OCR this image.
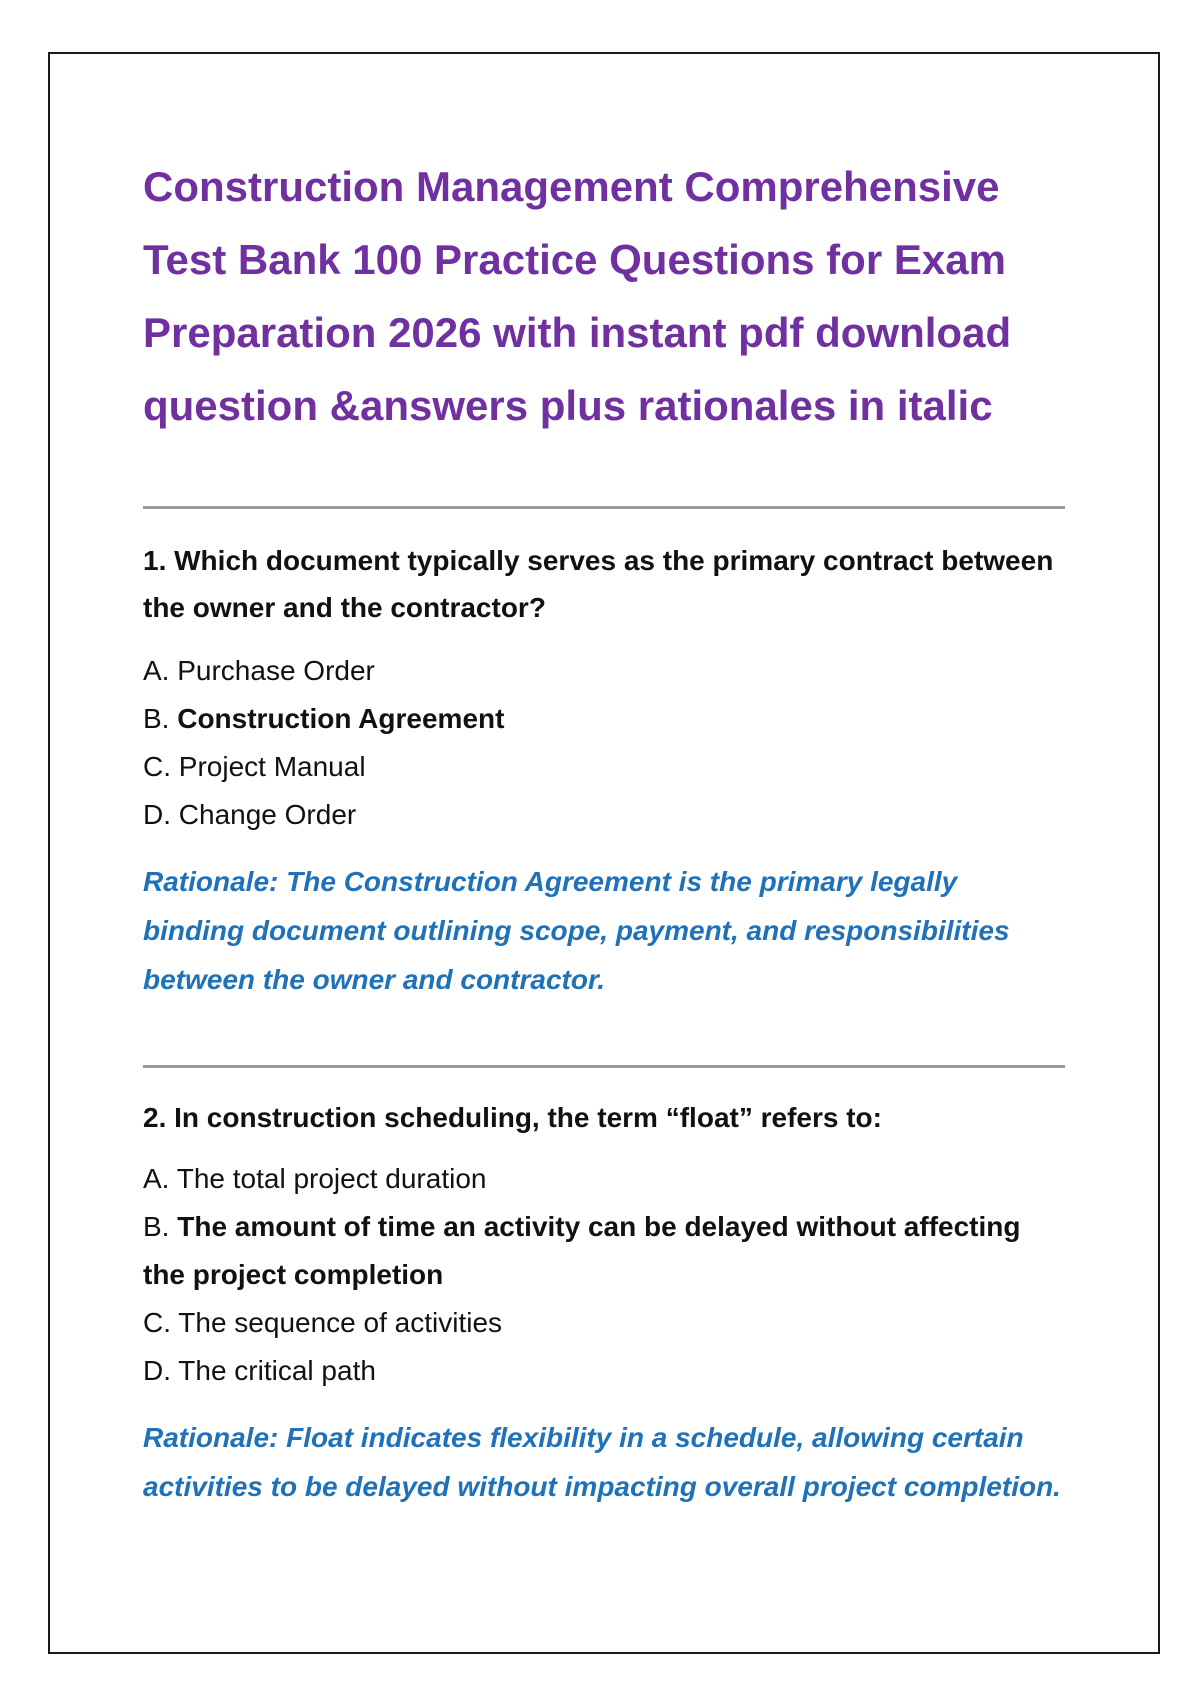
Construction Management Comprehensive Test Bank 100 Practice Questions for Exam Preparation 2026 with instant pdf download question &answers plus rationales in italic

1. Which document typically serves as the primary contract between the owner and the contractor?

A. Purchase Order
B. Construction Agreement
C. Project Manual
D. Change Order

Rationale: The Construction Agreement is the primary legally binding document outlining scope, payment, and responsibilities between the owner and contractor.

2. In construction scheduling, the term “float” refers to:

A. The total project duration
B. The amount of time an activity can be delayed without affecting the project completion
C. The sequence of activities
D. The critical path

Rationale: Float indicates flexibility in a schedule, allowing certain activities to be delayed without impacting overall project completion.
